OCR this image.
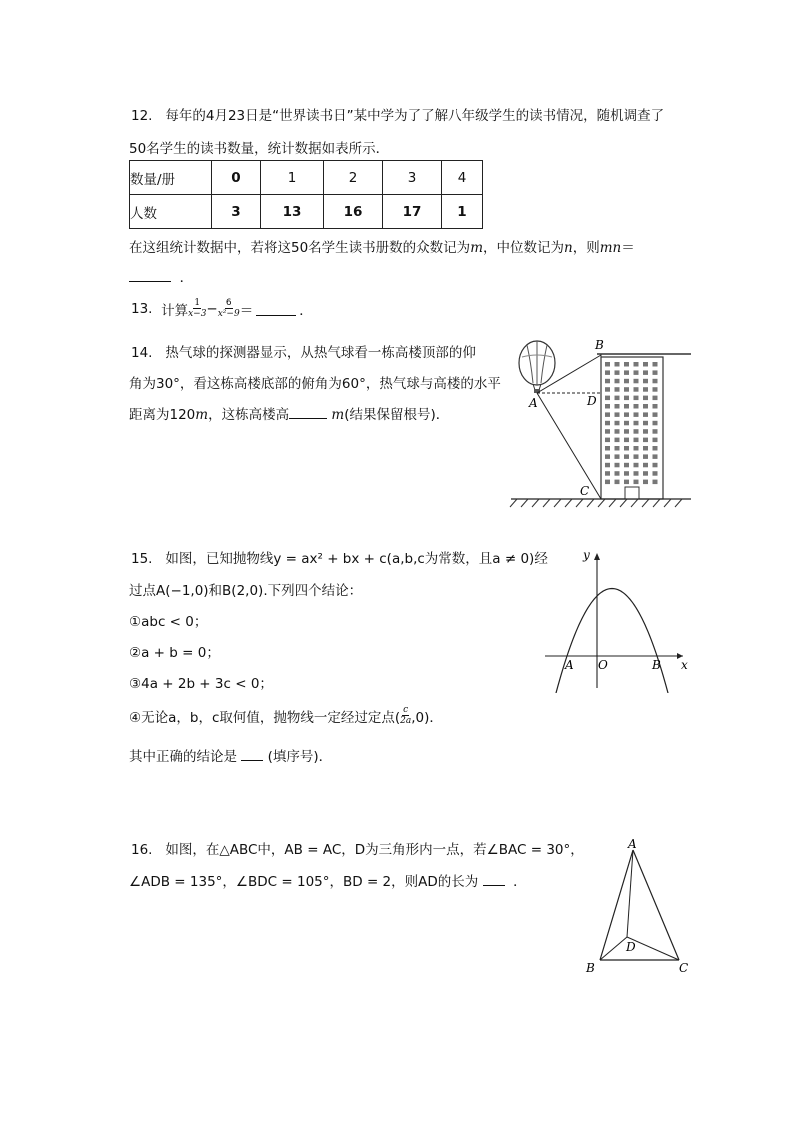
12. 每年的4月23日是“世界读书日”某中学为了了解八年级学生的读书情况，随机调查了
50名学生的读书数量，统计数据如表所示．
数量/册	0	1	2	3	4
人数	3	13	16	17	1
在这组统计数据中，若将这50名学生读书册数的众数记为m，中位数记为n，则mn＝
．
13.
计算 $\frac{1}{x-3} - \frac{6}{\text{x²−9}}$ ＝	．
14. 热气球的探测器显示，从热气球看一栋高楼顶部的仰
角为30°，看这栋高楼底部的俯角为60°，热气球与高楼的水平
距离为120m，这栋高楼高	m(结果保留根号)．
B
A	D
C
15. 如图，已知抛物线y = ax² + bx + c(a,b,c为常数，且a ≠ 0)经
过点A(−1,0)和B(2,0).下列四个结论：
①abc < 0；
②a + b = 0；
③4a + 2b + 3c < 0；
④无论a，b，c取何值，抛物线一定经过定点( $\frac{c}{2a} ,0$)．
其中正确的结论是 (填序号)．
y
x
A O	B
16. 如图，在△ABC中，AB = AC，D为三角形内一点，若∠BAC = 30°，
∠ADB = 135°，∠BDC = 105°，BD = 2，则AD的长为	．
A
D
B	C
